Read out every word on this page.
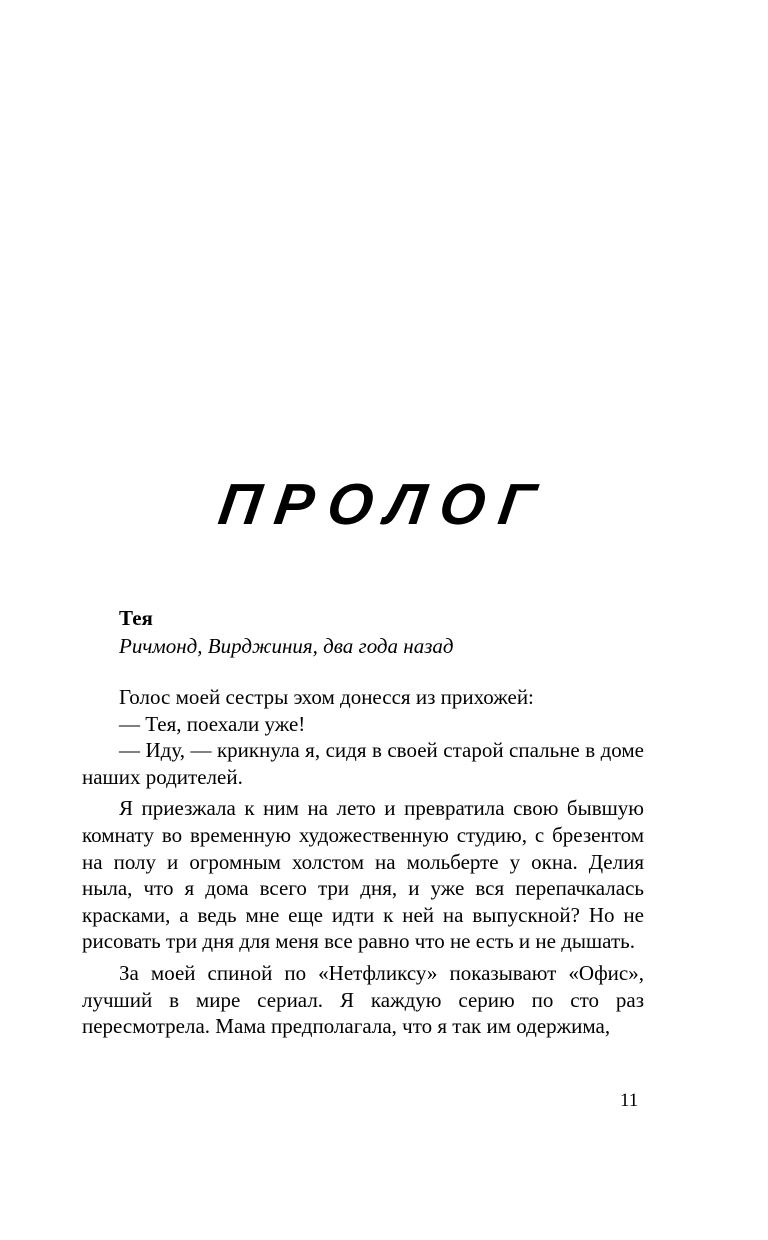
ПРОЛОГ
Тея
Ричмонд, Вирджиния, два года назад

Голос моей сестры эхом донесся из прихожей:

— Тея, поехали уже!

— Иду, — крикнула я, сидя в своей старой спальне в доме наших родителей.

Я приезжала к ним на лето и превратила свою бывшую комнату во временную художественную студию, с брезентом на полу и огромным холстом на мольберте у окна. Делия ныла, что я дома всего три дня, и уже вся перепачкалась красками, а ведь мне еще идти к ней на выпускной? Но не рисовать три дня для меня все равно что не есть и не дышать.

За моей спиной по «Нетфликсу» показывают «Офис», лучший в мире сериал. Я каждую серию по сто раз пересмотрела. Мама предполагала, что я так им одержима,

11
